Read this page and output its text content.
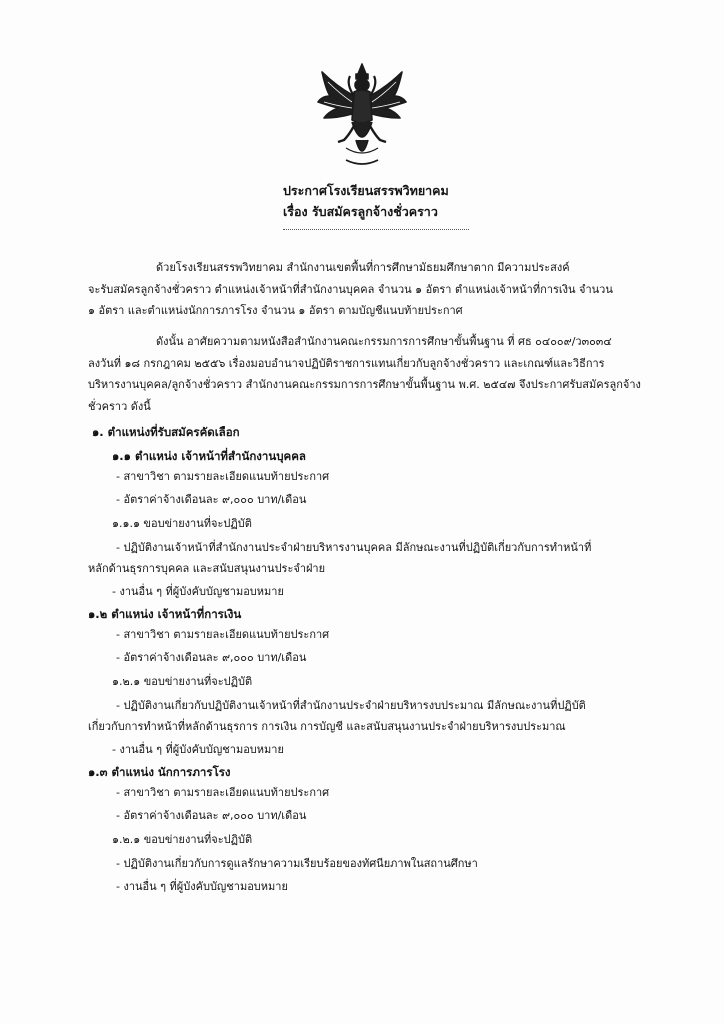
ประกาศโรงเรียนสรรพวิทยาคม
เรื่อง รับสมัครลูกจ้างชั่วคราว
ด้วยโรงเรียนสรรพวิทยาคม สำนักงานเขตพื้นที่การศึกษามัธยมศึกษาตาก มีความประสงค์
จะรับสมัครลูกจ้างชั่วคราว ตำแหน่งเจ้าหน้าที่สำนักงานบุคคล จำนวน ๑ อัตรา ตำแหน่งเจ้าหน้าที่การเงิน จำนวน
๑ อัตรา และตำแหน่งนักการภารโรง จำนวน ๑ อัตรา ตามบัญชีแนบท้ายประกาศ
ดังนั้น อาศัยความตามหนังสือสำนักงานคณะกรรมการการศึกษาขั้นพื้นฐาน ที่ ศธ ๐๔๐๐๙/ว๓๐๓๔
ลงวันที่ ๑๘ กรกฎาคม ๒๕๕๖ เรื่องมอบอำนาจปฏิบัติราชการแทนเกี่ยวกับลูกจ้างชั่วคราว และเกณฑ์และวิธีการ
บริหารงานบุคคล/ลูกจ้างชั่วคราว สำนักงานคณะกรรมการการศึกษาขั้นพื้นฐาน พ.ศ. ๒๕๔๗ จึงประกาศรับสมัครลูกจ้าง
ชั่วคราว ดังนี้
๑. ตำแหน่งที่รับสมัครคัดเลือก
๑.๑ ตำแหน่ง เจ้าหน้าที่สำนักงานบุคคล
- สาขาวิชา ตามรายละเอียดแนบท้ายประกาศ
- อัตราค่าจ้างเดือนละ ๙,๐๐๐ บาท/เดือน
๑.๑.๑ ขอบข่ายงานที่จะปฏิบัติ
- ปฏิบัติงานเจ้าหน้าที่สำนักงานประจำฝ่ายบริหารงานบุคคล มีลักษณะงานที่ปฏิบัติเกี่ยวกับการทำหน้าที่
หลักด้านธุรการบุคคล และสนับสนุนงานประจำฝ่าย
- งานอื่น ๆ ที่ผู้บังคับบัญชามอบหมาย
๑.๒ ตำแหน่ง เจ้าหน้าที่การเงิน
- สาขาวิชา ตามรายละเอียดแนบท้ายประกาศ
- อัตราค่าจ้างเดือนละ ๙,๐๐๐ บาท/เดือน
๑.๒.๑ ขอบข่ายงานที่จะปฏิบัติ
- ปฏิบัติงานเกี่ยวกับปฏิบัติงานเจ้าหน้าที่สำนักงานประจำฝ่ายบริหารงบประมาณ มีลักษณะงานที่ปฏิบัติ
เกี่ยวกับการทำหน้าที่หลักด้านธุรการ การเงิน การบัญชี และสนับสนุนงานประจำฝ่ายบริหารงบประมาณ
- งานอื่น ๆ ที่ผู้บังคับบัญชามอบหมาย
๑.๓ ตำแหน่ง นักการภารโรง
- สาขาวิชา ตามรายละเอียดแนบท้ายประกาศ
- อัตราค่าจ้างเดือนละ ๙,๐๐๐ บาท/เดือน
๑.๒.๑ ขอบข่ายงานที่จะปฏิบัติ
- ปฏิบัติงานเกี่ยวกับการดูแลรักษาความเรียบร้อยของทัศนียภาพในสถานศึกษา
- งานอื่น ๆ ที่ผู้บังคับบัญชามอบหมาย
